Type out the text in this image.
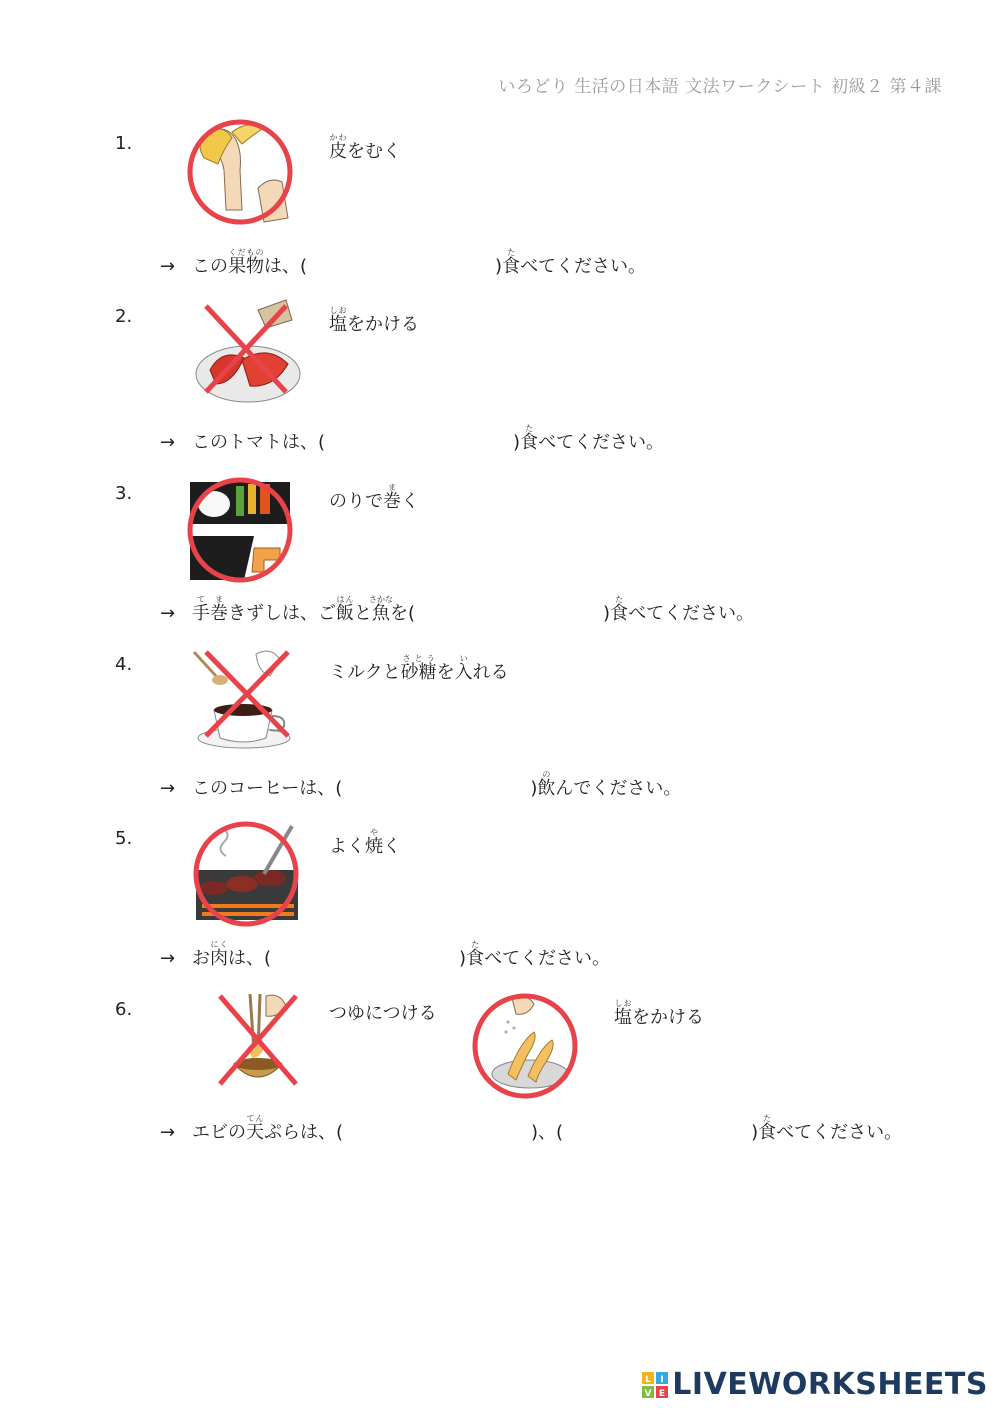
いろどり 生活の日本語 文法ワークシート 初級２ 第４課
1.	皮かわをむく
→ この果物くだものは、(	)食たべてください。
2.	塩しおをかける
→ このトマトは、(	)食たべてください。
3.	のりで巻まく
→ 手て巻まきずしは、ご飯はんと魚さかなを(	)食たべてください。
4.	ミルクと砂糖さとうを入いれる
→ このコーヒーは、(	)飲のんでください。
5.	よく焼やく
→ お肉にくは、(	)食たべてください。
6.	つゆにつける	塩しおをかける
→ エビの天てんぷらは、(	)、(	)食たべてください。
L I
V E LIVEWORKSHEETS
